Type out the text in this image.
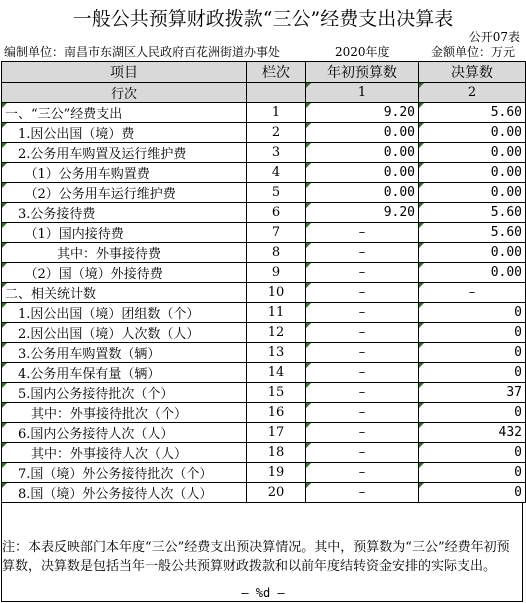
一般公共预算财政拨款“三公”经费支出决算表
公开07表
编制单位：南昌市东湖区人民政府百花洲街道办事处	2020年度	金额单位：万元
项目	栏次	年初预算数	决算数
行次		1	2
一、“三公”经费支出	1	9.20	5.60
　1.因公出国（境）费	2	0.00	0.00
　2.公务用车购置及运行维护费	3	0.00	0.00
　　（1）公务用车购置费	4	0.00	0.00
　　（2）公务用车运行维护费	5	0.00	0.00
　3.公务接待费	6	9.20	5.60
　　（1）国内接待费	7	–	5.60
　　　　其中：外事接待费	8	–	0.00
　　（2）国（境）外接待费	9	–	0.00
二、相关统计数	10	–	–
　1.因公出国（境）团组数（个）	11	–	0
　2.因公出国（境）人次数（人）	12	–	0
　3.公务用车购置数（辆）	13	–	0
　4.公务用车保有量（辆）	14	–	0
　5.国内公务接待批次（个）	15	–	37
　　其中：外事接待批次（个）	16	–	0
　6.国内公务接待人次（人）	17	–	432
　　其中：外事接待人次（人）	18	–	0
　7.国（境）外公务接待批次（个）	19	–	0
　8.国（境）外公务接待人次（人）	20	–	0
注：本表反映部门本年度“三公”经费支出预决算情况。其中，预算数为“三公”经费年初预算数，决算数是包括当年一般公共预算财政拨款和以前年度结转资金安排的实际支出。
– %d –
